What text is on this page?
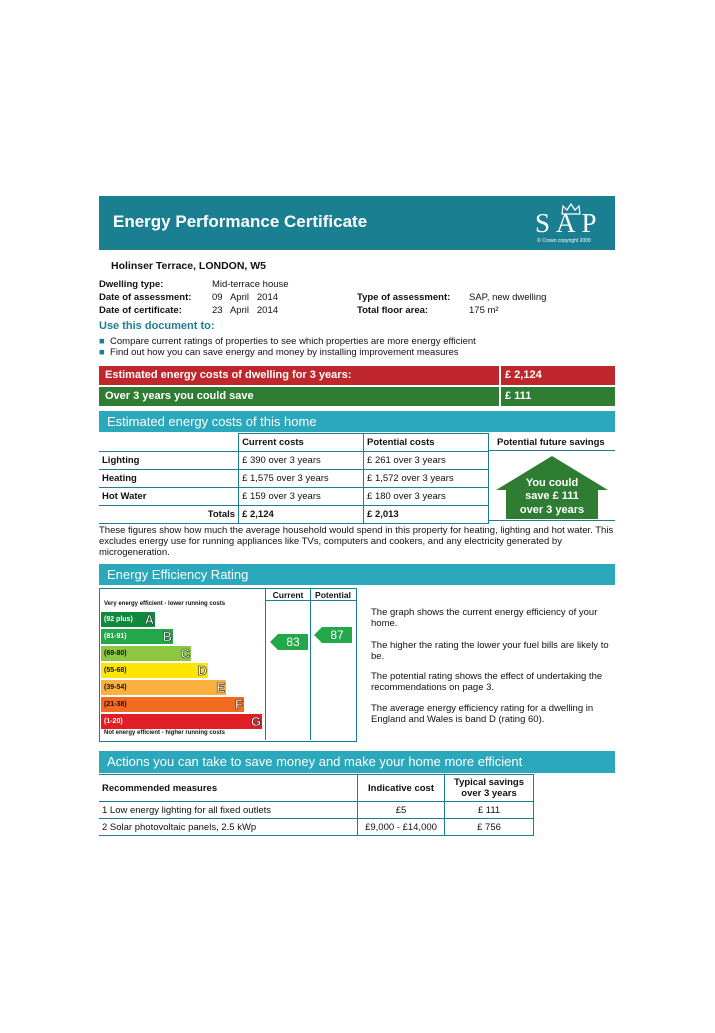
Energy Performance Certificate	SAP
© Crown copyright 2009
Holinser Terrace, LONDON, W5
Dwelling type:	Mid-terrace house
Date of assessment: 09   April   2014
Date of certificate:	23   April   2014
Type of assessment: SAP, new dwelling
Total floor area:	175 m²
Use this document to:
■ Compare current ratings of properties to see which properties are more energy efficient
■ Find out how you can save energy and money by installing improvement measures
Estimated energy costs of dwelling for 3 years:	£ 2,124
Over 3 years you could save	£ 111
Estimated energy costs of this home
	Current costs	Potential costs
Lighting	£ 390 over 3 years	£ 261 over 3 years
Heating	£ 1,575 over 3 years	£ 1,572 over 3 years
Hot Water	£ 159 over 3 years	£ 180 over 3 years
Totals	£ 2,124	£ 2,013
Potential future savings
You could
save £ 111
over 3 years
These figures show how much the average household would spend in this property for heating, lighting and hot water. This excludes energy use for running appliances like TVs, computers and cookers, and any electricity generated by microgeneration.
Energy Efficiency Rating
Current	Potential
Very energy efficient - lower running costs
Not energy efficient - higher running costs
(92 plus) A
(81-91)	B
(69-80)	C
(55-68)	D
(39-54)	E
(21-38)	F
(1-20)	G
83	87
The graph shows the current energy efficiency of your home.
The higher the rating the lower your fuel bills are likely to be.
The potential rating shows the effect of undertaking the recommendations on page 3.
The average energy efficiency rating for a dwelling in England and Wales is band D (rating 60).
Actions you can take to save money and make your home more efficient
Recommended measures	Indicative cost	Typical savings over 3 years
1 Low energy lighting for all fixed outlets	£5	£ 111
2 Solar photovoltaic panels, 2.5 kWp	£9,000 - £14,000	£ 756
